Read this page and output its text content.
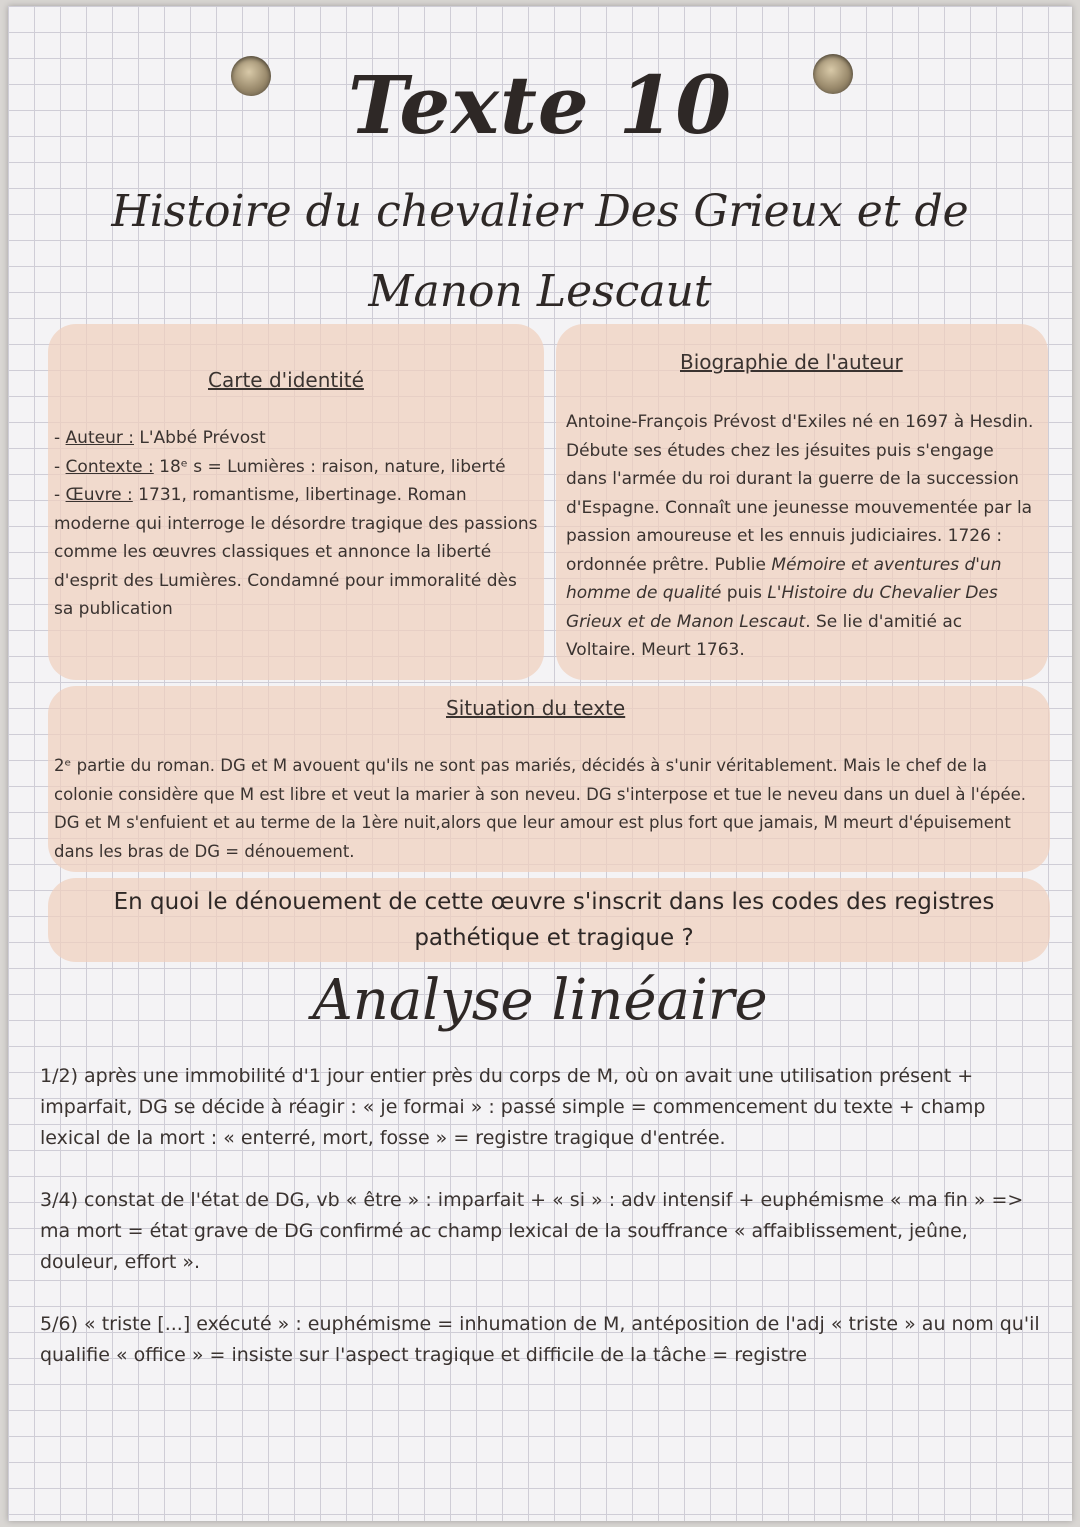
Texte 10
Histoire du chevalier Des Grieux et de
Manon Lescaut
Carte d'identité

- Auteur : L'Abbé Prévost

- Contexte : 18ᵉ s = Lumières : raison, nature, liberté

- Œuvre : 1731, romantisme, libertinage. Roman moderne qui interroge le désordre tragique des passions comme les œuvres classiques et annonce la liberté d'esprit des Lumières. Condamné pour immoralité dès sa publication

Biographie de l'auteur
Antoine-François Prévost d'Exiles né en 1697 à Hesdin. Débute ses études chez les jésuites puis s'engage dans l'armée du roi durant la guerre de la succession d'Espagne. Connaît une jeunesse mouvementée par la passion amoureuse et les ennuis judiciaires. 1726 : ordonnée prêtre. Publie Mémoire et aventures d'un homme de qualité puis L'Histoire du Chevalier Des Grieux et de Manon Lescaut. Se lie d'amitié ac Voltaire. Meurt 1763.
Situation du texte
2ᵉ partie du roman. DG et M avouent qu'ils ne sont pas mariés, décidés à s'unir véritablement. Mais le chef de la colonie considère que M est libre et veut la marier à son neveu. DG s'interpose et tue le neveu dans un duel à l'épée. DG et M s'enfuient et au terme de la 1ère nuit,alors que leur amour est plus fort que jamais, M meurt d'épuisement dans les bras de DG = dénouement.
En quoi le dénouement de cette œuvre s'inscrit dans les codes des registres
pathétique et tragique ?
Analyse linéaire
1/2) après une immobilité d'1 jour entier près du corps de M, où on avait une utilisation présent + imparfait, DG se décide à réagir : « je formai » : passé simple = commencement du texte + champ lexical de la mort : « enterré, mort, fosse » = registre tragique d'entrée.
3/4) constat de l'état de DG, vb « être » : imparfait + « si » : adv intensif + euphémisme « ma fin » => ma mort = état grave de DG confirmé ac champ lexical de la souffrance « affaiblissement, jeûne, douleur, effort ».
5/6) « triste [...] exécuté » : euphémisme = inhumation de M, antéposition de l'adj « triste » au nom qu'il qualifie « office » = insiste sur l'aspect tragique et difficile de la tâche = registre
